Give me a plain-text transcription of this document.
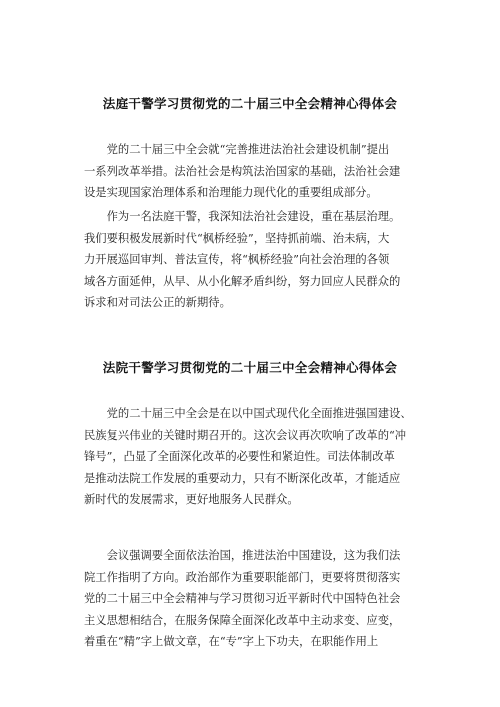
法庭干警学习贯彻党的二十届三中全会精神心得体会

　　党的二十届三中全会就“完善推进法治社会建设机制”提出
一系列改革举措。法治社会是构筑法治国家的基础，法治社会建
设是实现国家治理体系和治理能力现代化的重要组成部分。

　　作为一名法庭干警，我深知法治社会建设，重在基层治理。
我们要积极发展新时代“枫桥经验”，坚持抓前端、治未病，大
力开展巡回审判、普法宣传，将“枫桥经验”向社会治理的各领
域各方面延伸，从早、从小化解矛盾纠纷，努力回应人民群众的
诉求和对司法公正的新期待。

法院干警学习贯彻党的二十届三中全会精神心得体会

　　党的二十届三中全会是在以中国式现代化全面推进强国建设、
民族复兴伟业的关键时期召开的。这次会议再次吹响了改革的“冲
锋号”，凸显了全面深化改革的必要性和紧迫性。司法体制改革
是推动法院工作发展的重要动力，只有不断深化改革，才能适应
新时代的发展需求，更好地服务人民群众。

　　会议强调要全面依法治国，推进法治中国建设，这为我们法
院工作指明了方向。政治部作为重要职能部门，更要将贯彻落实
党的二十届三中全会精神与学习贯彻习近平新时代中国特色社会
主义思想相结合，在服务保障全面深化改革中主动求变、应变，
着重在“精”字上做文章，在“专”字上下功夫，在职能作用上
